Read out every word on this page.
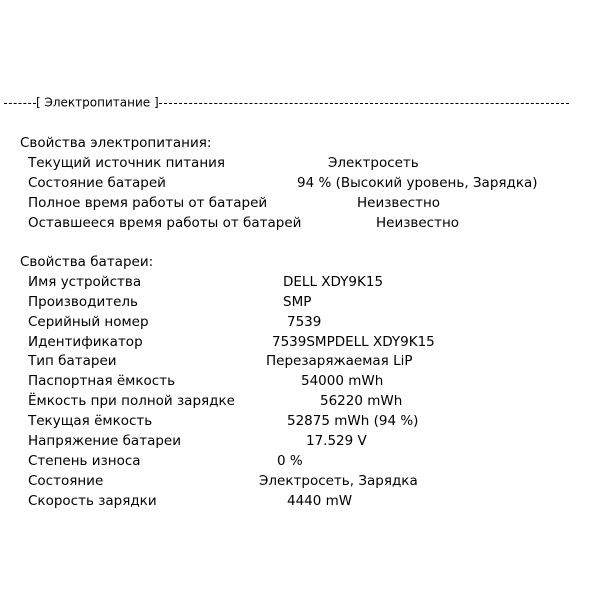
[ Электропитание ]
Свойства электропитания:
Текущий источник питания	Электросеть
Состояние батарей	94 % (Высокий уровень, Зарядка)
Полное время работы от батарей	Неизвестно
Оставшееся время работы от батарей	Неизвестно
Свойства батареи:
Имя устройства	DELL XDY9K15
Производитель	SMP
Серийный номер	7539
Идентификатор	7539SMPDELL XDY9K15
Тип батареи	Перезаряжаемая LiP
Паспортная ёмкость	54000 mWh
Ёмкость при полной зарядке	56220 mWh
Текущая ёмкость	52875 mWh (94 %)
Напряжение батареи	17.529 V
Степень износа	0 %
Состояние	Электросеть, Зарядка
Скорость зарядки	4440 mW
